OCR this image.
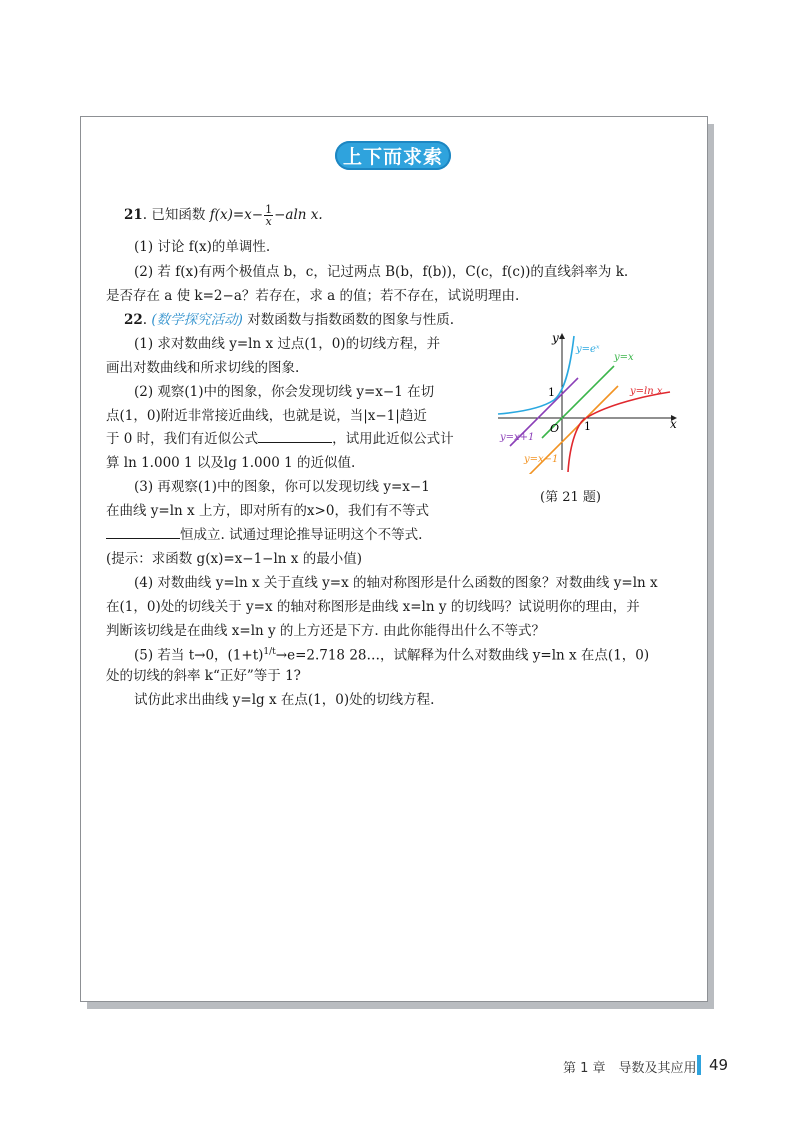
上下而求索
21. 已知函数 $f(x)=x- \frac{1}{x} -aln$ x.
(1) 讨论 f(x)的单调性.
(2) 若 f(x)有两个极值点 b，c，记过两点 B(b，f(b))，C(c，f(c))的直线斜率为 k.
是否存在 a 使 k=2−a？若存在，求 a 的值；若不存在，试说明理由.
22. (数学探究活动) 对数函数与指数函数的图象与性质.
(1) 求对数曲线 y=ln x 过点(1，0)的切线方程，并
画出对数曲线和所求切线的图象.
(2) 观察(1)中的图象，你会发现切线 y=x−1 在切
点(1，0)附近非常接近曲线，也就是说，当|x−1|趋近
于 0 时，我们有近似公式	，试用此近似公式计
算 ln 1.000 1 以及lg 1.000 1 的近似值.
(3) 再观察(1)中的图象，你可以发现切线 y=x−1
在曲线 y=ln x 上方，即对所有的x>0，我们有不等式
恒成立. 试通过理论推导证明这个不等式.
(提示：求函数 g(x)=x−1−ln x 的最小值)
(4) 对数曲线 y=ln x 关于直线 y=x 的轴对称图形是什么函数的图象？对数曲线 y=ln x
在(1，0)处的切线关于 y=x 的轴对称图形是曲线 x=ln y 的切线吗？试说明你的理由，并
判断该切线是在曲线 x=ln y 的上方还是下方. 由此你能得出什么不等式？
(5) 若当 t→0，$(1+t)^{1/t}\to e=2.718$ 28…，试解释为什么对数曲线 y=ln x 在点(1，0)
处的切线的斜率 k“正好”等于 1?
试仿此求出曲线 y=lg x 在点(1，0)处的切线方程.
1
1
O	x
y
y=eˣ
y=x
y=ln x
y=x+1
y=x−1
(第 21 题)
第 1 章　导数及其应用 49
